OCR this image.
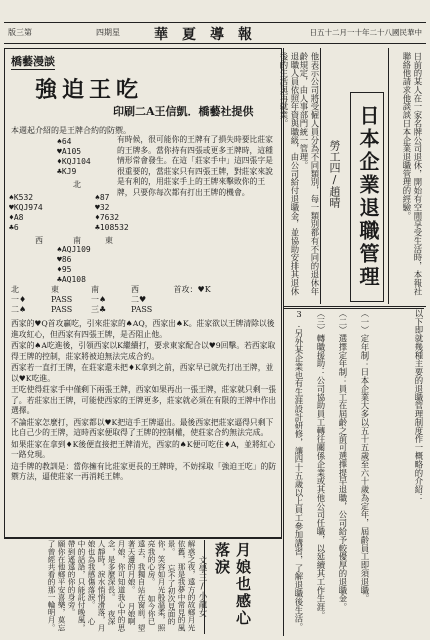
版三第	四期星 華夏導報	日五十二月一十年二十八國民華中
日本企業退職管理
勞工四/趙晴	日前的某人在一家名牌公司退休，開始有空閒享受生活時，本報社聯絡他請求他談談日本企業退職管理的經驗。
他表示公司將受僱人員分為不同類別，每一類別都有不同的退休年齡規定，由人事部門統一管理。
退職人員依照年資與職級，由公司給付退職金，並協助安排其退休後的生活與再就業。
以下即就幾種主要的退職管理制度作一概略的介紹：
（一）定年制：日本企業大多以五十五歲至六十歲為定年，屆齡員工即須退職。
（二）選擇定年制：員工在屆齡之前可選擇提早退職，公司給予較優厚的退職金。
（三）轉職援助：公司協助員工轉往關係企業或其他公司任職，以延續其工作生涯。
3.另外某企業也有生涯設計研修，讓四十五歲以上員工參加講習，了解退職後生活。
橋藝漫談
強迫王吃
印刷二A王信凱．橋藝社提供
本週起介紹的是王牌合約的防禦。
♠64
♥A105
♦KQJ104
♣KJ9
北
♠K532
♥KQJ974
♦A8
♣6
西
♠87
♥32
♦7632
♣108532
東
南
♠AQJ109
♥86
♦95
♣AQ108
有時候，很可能你的王牌有了損失時要比莊家的王牌多。當你持有四張或更多王牌時，這種情形常會發生。在這「莊家手中」這四張字是很重要的，當莊家只有四張王牌，對莊家來說是有利的，用莊家手上的王牌來擊敗你的王牌，只要你每次都有打出王牌的機會。
北	東	南	西	首攻：♥K
一♦	PASS 一♠	二♥
二♠	PASS 三♣	PASS

西家的♥Q首攻贏吃，引來莊家的♠AQ，西家出♠K。莊家欲以王牌清除以後進攻紅心，但西家有四張王牌，是否阻止他。

西家的♠A吃進後，引領西家以K繼續打，要求東家配合以♥9回擊。若西家取得王牌的控制，莊家將被迫無法完成合約。

西家若一直打王牌，在莊家還未把♦K拿到之前，西家早已就先打出王牌，並以♥K吃進。

王吃使得莊家手中僅剩下兩張王牌，西家如果再出一張王牌，莊家就只剩一張了。若莊家出王牌，可能使西家的王牌更多，莊家就必須在有限的王牌中作出選擇。

不論莊家怎麼打，西家都以♥K把這手王牌逼出。最後西家把莊家逼得只剩下比自己少的王牌，這時西家便取得了王牌的控制權，使莊家合約無法完成。

如果莊家在拿到♦K後便直接把王牌清光，西家的♠K便可吃住♦A，並將紅心一路兌現。

這手牌的教訓是：當你擁有比莊家更長的王牌時，不妨採取「強迫王吃」的防禦方法，逼使莊家一再消耗王牌。

月娘也感心落淚
文學三/小龍女
解惑之夜，遠方的故鄉月光依舊，那是我夢中常見的風景。 忘不了初次見面的你，笑容如月光般溫柔，照亮我的心房。 如今你已遠去，我獨自站在窗前，望著天邊的月娘。 月娘啊月娘，你可知道我心中的思念，是多麼深長。 夜深人靜時，淚水悄悄滑落，月娘也為我感傷落淚。 心中的話語，只能託付晚風，帶到遙遠的你的身旁。 願你在他鄉平安喜樂，莫忘了曾經共看的那一輪明月。
